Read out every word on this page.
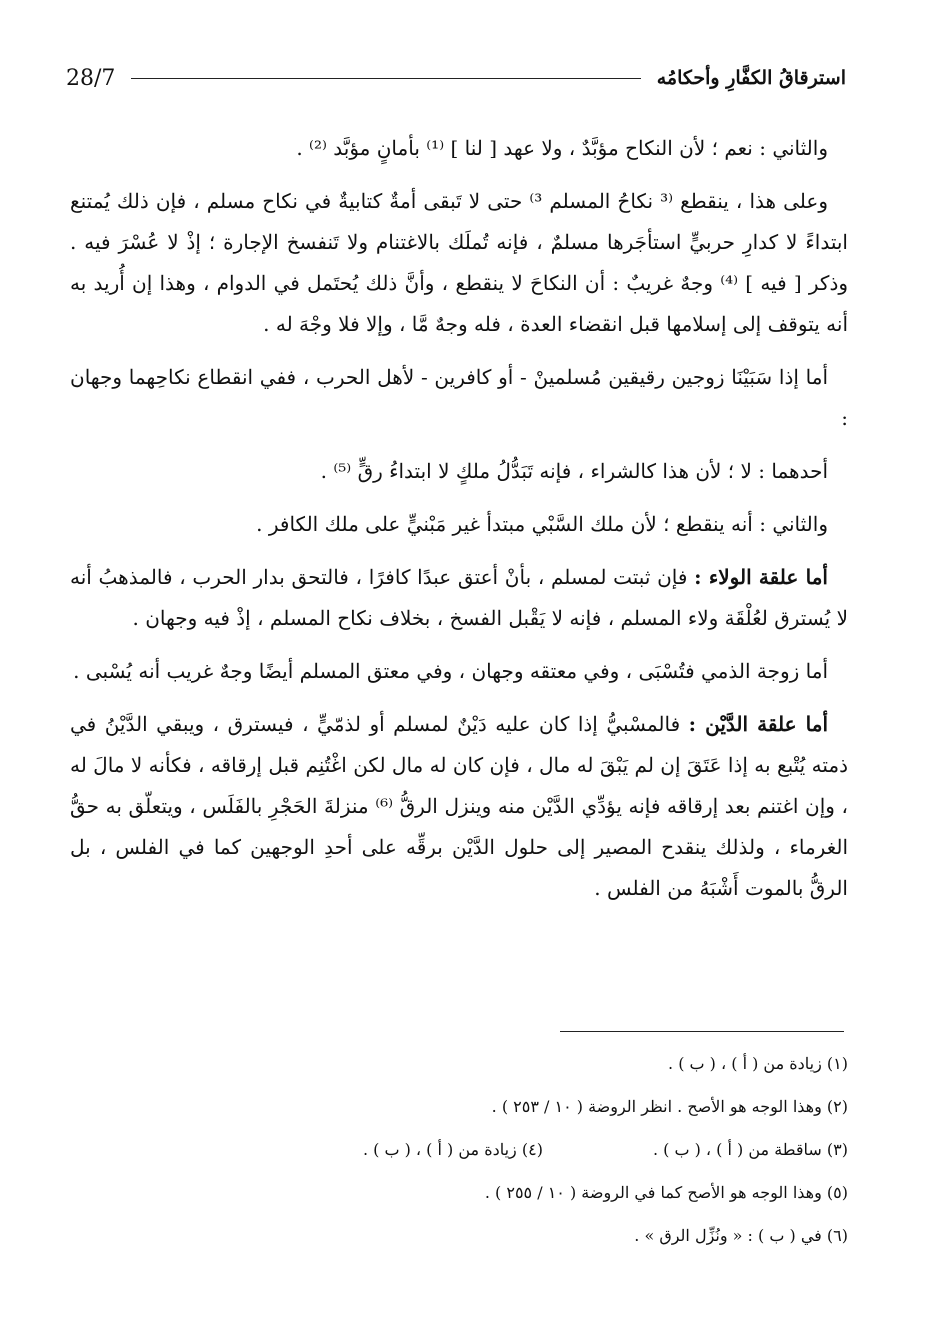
28/7	استرقاقُ الكفَّارِ وأحكامُه

والثاني : نعم ؛ لأن النكاح مؤبَّدٌ ، ولا عهد [ لنا ] ⁽¹⁾ بأمانٍ مؤبَّد ⁽²⁾ .

وعلى هذا ، ينقطع ⁽³ نكاحُ المسلم ³⁾ حتى لا تَبقى أمةٌ كتابيةٌ في نكاح مسلم ، فإن ذلك يُمتنع ابتداءً لا كدارِ حربيٍّ استأجَرها مسلمٌ ، فإنه تُملَك بالاغتنام ولا تَنفسخ الإجارة ؛ إذْ لا عُسْرَ فيه . وذكر [ فيه ] ⁽⁴⁾ وجهٌ غريبٌ : أن النكاحَ لا ينقطع ، وأنَّ ذلك يُحتَمل في الدوام ، وهذا إن أُريد به أنه يتوقف إلى إسلامها قبل انقضاء العدة ، فله وجهٌ مَّا ، وإلا فلا وجْهَ له .

أما إذا سَبَيْنَا زوجين رقيقين مُسلمينْ - أو كافرين - لأهل الحرب ، ففي انقطاع نكاحِهما وجهان :

أحدهما : لا ؛ لأن هذا كالشراء ، فإنه تَبَدُّلُ ملكٍ لا ابتداءُ رقٍّ ⁽⁵⁾ .

والثاني : أنه ينقطع ؛ لأن ملك السَّبْي مبتدأ غير مَبْنيٍّ على ملك الكافر .

أما علقة الولاء : فإن ثبتت لمسلم ، بأنْ أعتق عبدًا كافرًا ، فالتحق بدار الحرب ، فالمذهبُ أنه لا يُسترق لعُلْقَة ولاء المسلم ، فإنه لا يَقْبل الفسخ ، بخلاف نكاح المسلم ، إذْ فيه وجهان .

أما زوجة الذمي فتُسْبَى ، وفي معتقه وجهان ، وفي معتق المسلم أيضًا وجهٌ غريب أنه يُسْبى .

أما علقة الدَّيْن : فالمسْبيُّ إذا كان عليه دَيْنٌ لمسلم أو لذمّيٍّ ، فيسترق ، ويبقي الدَّيْنُ في ذمته يُتْبع به إذا عَتَقَ إن لم يَبْقَ له مال ، فإن كان له مال لكن اغْتُنِم قبل إرقاقه ، فكأنه لا مالَ له ، وإن اغتنم بعد إرقاقه فإنه يؤدِّي الدَّيْن منه وينزل الرقُّ ⁽⁶⁾ منزلةَ الحَجْرِ بالفَلَس ، ويتعلّق به حقُّ الغرماء ، ولذلك ينقدح المصير إلى حلول الدَّيْن برقِّه على أحدِ الوجهين كما في الفلس ، بل الرقُّ بالموت أَشْبَهُ من الفلس .

(١) زيادة من ( أ ) ، ( ب ) .
(٢) وهذا الوجه هو الأصح . انظر الروضة ( ١٠ / ٢٥٣ ) .
(٣) ساقطة من ( أ ) ، ( ب ) .
(٤) زيادة من ( أ ) ، ( ب ) .
(٥) وهذا الوجه هو الأصح كما في الروضة ( ١٠ / ٢٥٥ ) .
(٦) في ( ب ) : « ونُزِّل الرق » .
